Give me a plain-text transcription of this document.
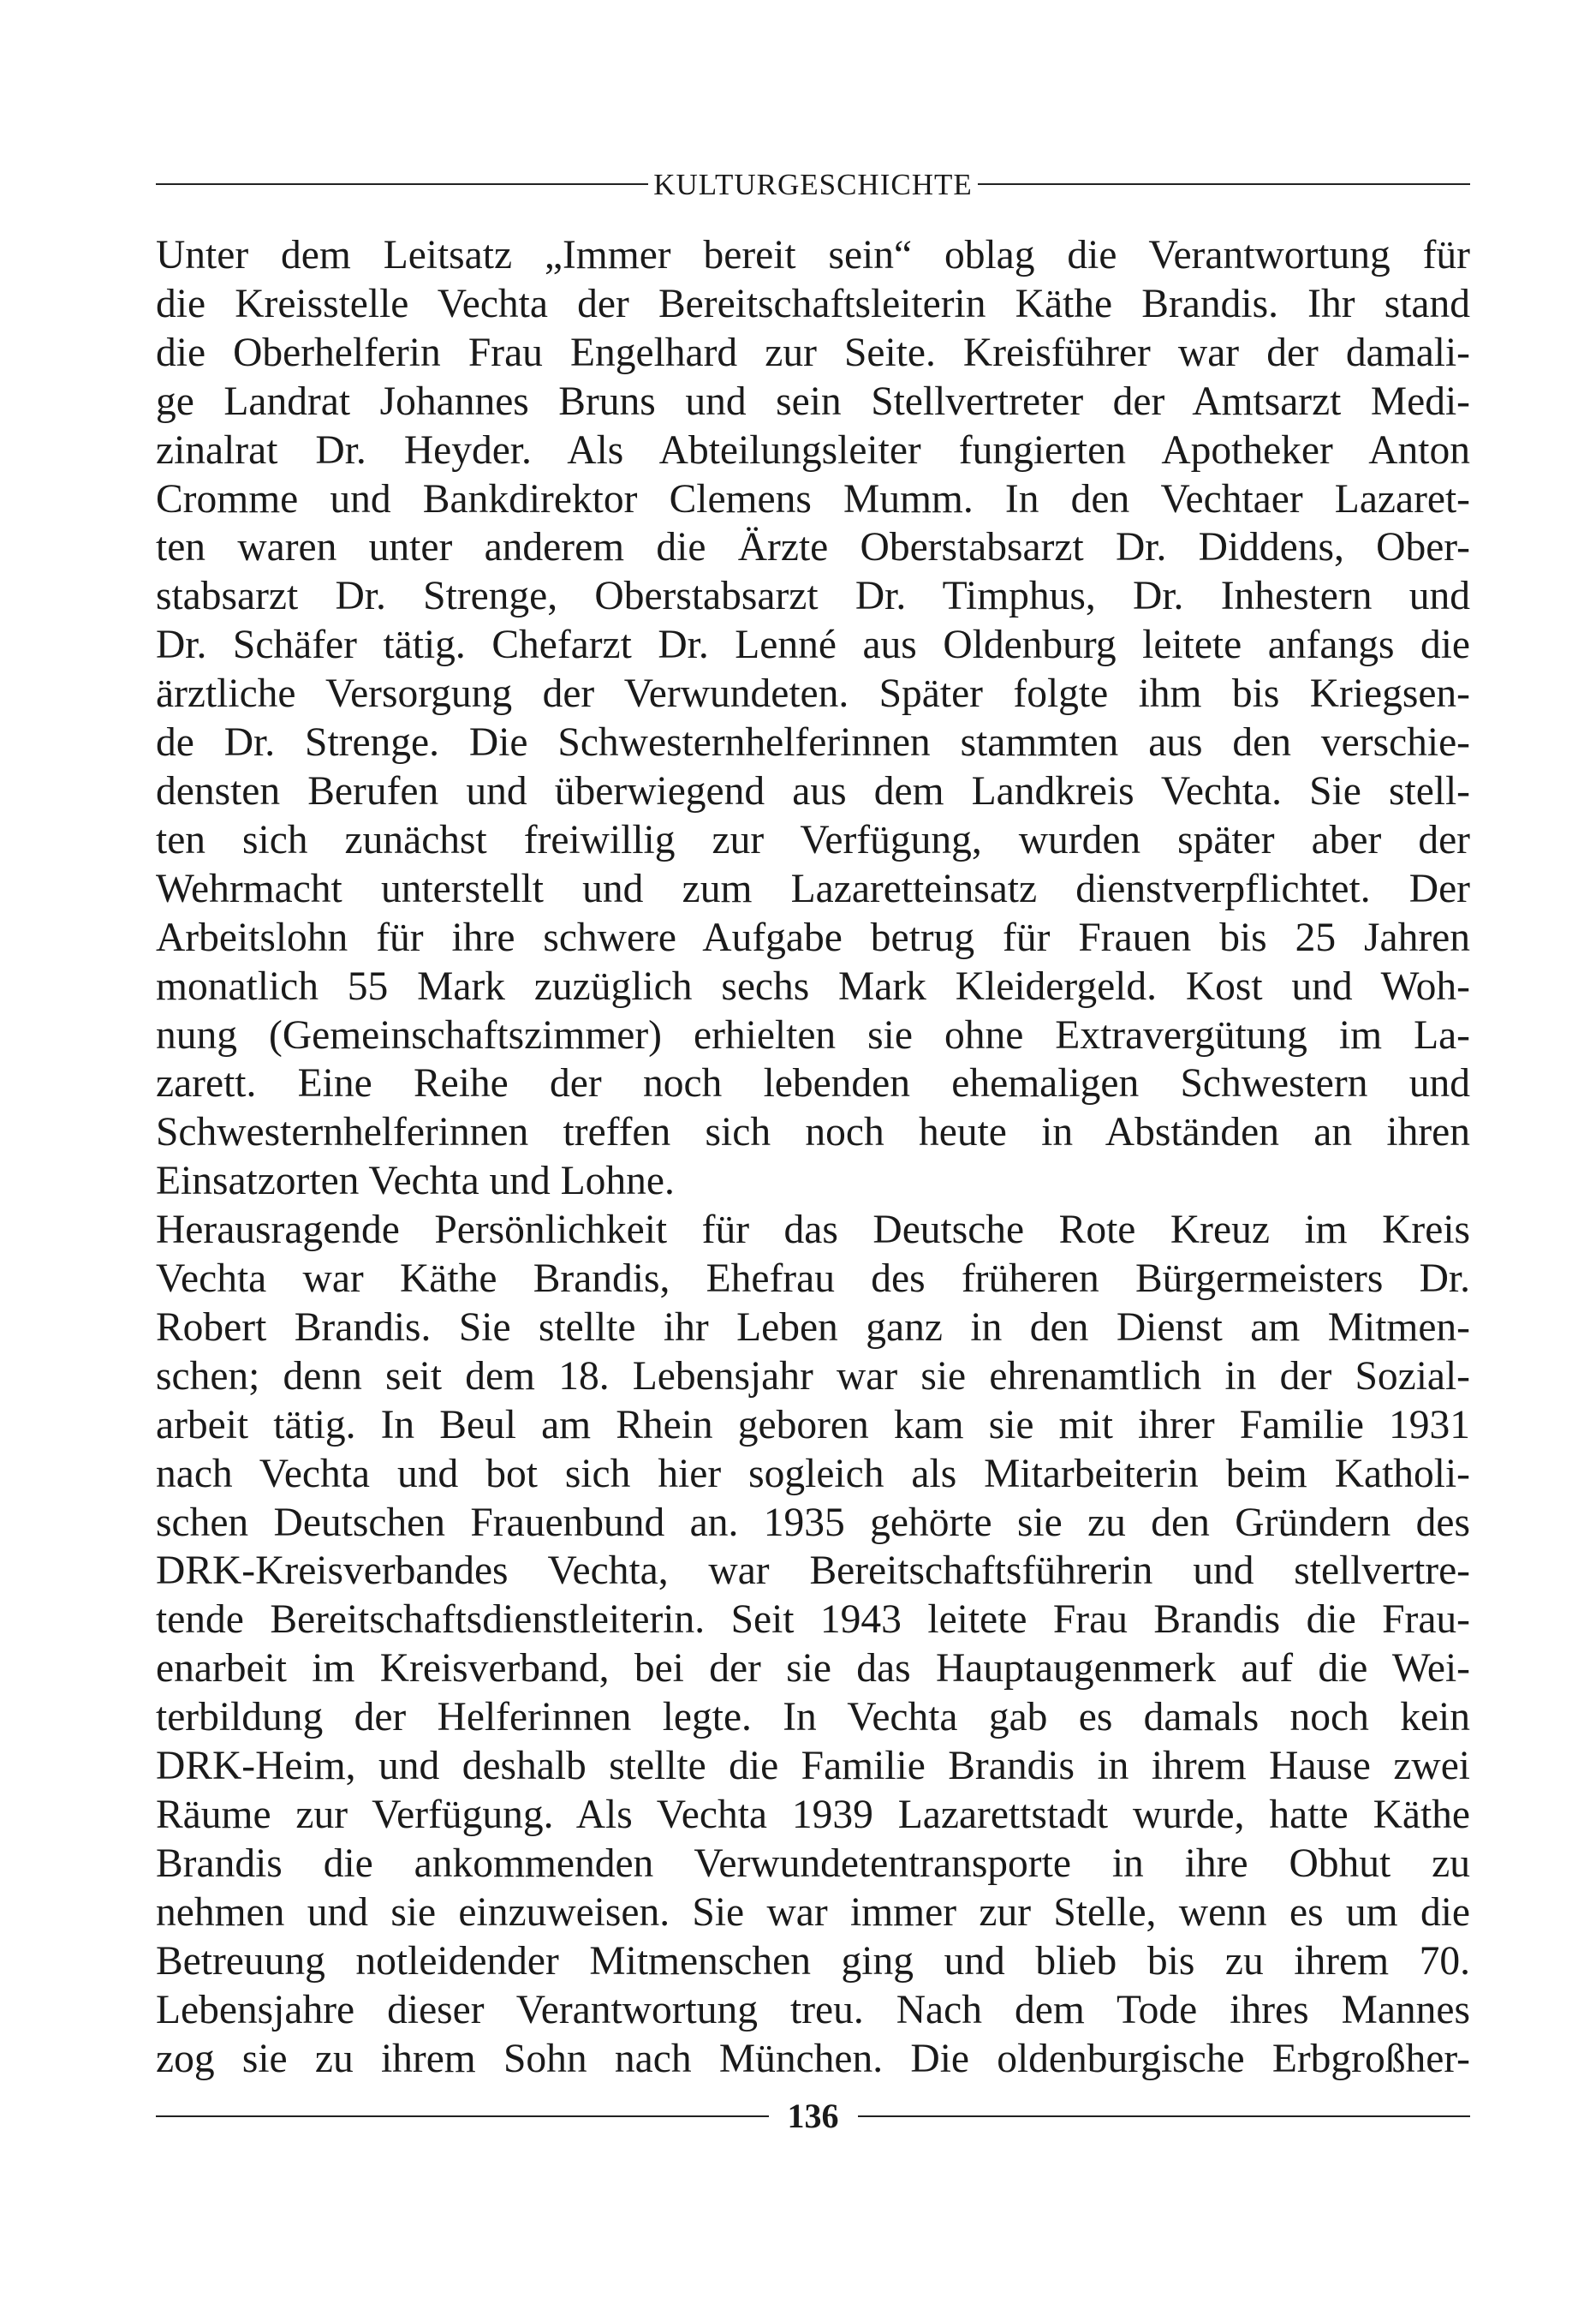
KULTURGESCHICHTE

Unter dem Leitsatz „Immer bereit sein“ oblag die Verantwortung für
die Kreisstelle Vechta der Bereitschaftsleiterin Käthe Brandis. Ihr stand
die Oberhelferin Frau Engelhard zur Seite. Kreisführer war der damali-
ge Landrat Johannes Bruns und sein Stellvertreter der Amtsarzt Medi-
zinalrat Dr. Heyder. Als Abteilungsleiter fungierten Apotheker Anton
Cromme und Bankdirektor Clemens Mumm. In den Vechtaer Lazaret-
ten waren unter anderem die Ärzte Oberstabsarzt Dr. Diddens, Ober-
stabsarzt Dr. Strenge, Oberstabsarzt Dr. Timphus, Dr. Inhestern und
Dr. Schäfer tätig. Chefarzt Dr. Lenné aus Oldenburg leitete anfangs die
ärztliche Versorgung der Verwundeten. Später folgte ihm bis Kriegsen-
de Dr. Strenge. Die Schwesternhelferinnen stammten aus den verschie-
densten Berufen und überwiegend aus dem Landkreis Vechta. Sie stell-
ten sich zunächst freiwillig zur Verfügung, wurden später aber der
Wehrmacht unterstellt und zum Lazaretteinsatz dienstverpflichtet. Der
Arbeitslohn für ihre schwere Aufgabe betrug für Frauen bis 25 Jahren
monatlich 55 Mark zuzüglich sechs Mark Kleidergeld. Kost und Woh-
nung (Gemeinschaftszimmer) erhielten sie ohne Extravergütung im La-
zarett. Eine Reihe der noch lebenden ehemaligen Schwestern und
Schwesternhelferinnen treffen sich noch heute in Abständen an ihren
Einsatzorten Vechta und Lohne.

Herausragende Persönlichkeit für das Deutsche Rote Kreuz im Kreis
Vechta war Käthe Brandis, Ehefrau des früheren Bürgermeisters Dr.
Robert Brandis. Sie stellte ihr Leben ganz in den Dienst am Mitmen-
schen; denn seit dem 18. Lebensjahr war sie ehrenamtlich in der Sozial-
arbeit tätig. In Beul am Rhein geboren kam sie mit ihrer Familie 1931
nach Vechta und bot sich hier sogleich als Mitarbeiterin beim Katholi-
schen Deutschen Frauenbund an. 1935 gehörte sie zu den Gründern des
DRK-Kreisverbandes Vechta, war Bereitschaftsführerin und stellvertre-
tende Bereitschaftsdienstleiterin. Seit 1943 leitete Frau Brandis die Frau-
enarbeit im Kreisverband, bei der sie das Hauptaugenmerk auf die Wei-
terbildung der Helferinnen legte. In Vechta gab es damals noch kein
DRK-Heim, und deshalb stellte die Familie Brandis in ihrem Hause zwei
Räume zur Verfügung. Als Vechta 1939 Lazarettstadt wurde, hatte Käthe
Brandis die ankommenden Verwundetentransporte in ihre Obhut zu
nehmen und sie einzuweisen. Sie war immer zur Stelle, wenn es um die
Betreuung notleidender Mitmenschen ging und blieb bis zu ihrem 70.
Lebensjahre dieser Verantwortung treu. Nach dem Tode ihres Mannes
zog sie zu ihrem Sohn nach München. Die oldenburgische Erbgroßher-

136
